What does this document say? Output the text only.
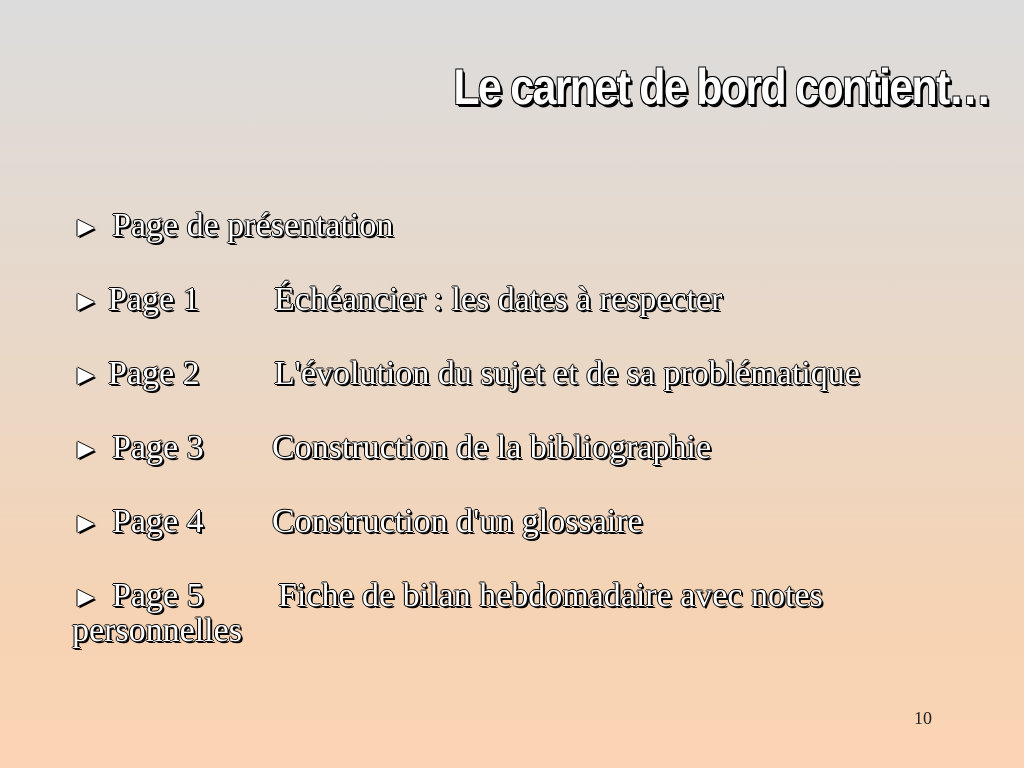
Le carnet de bord contient…
► Page de présentation
► Page 1 Échéancier : les dates à respecter
► Page 2 L'évolution du sujet et de sa problématique
► Page 3 Construction de la bibliographie
► Page 4 Construction d'un glossaire
► Page 5 Fiche de bilan hebdomadaire avec notes
personnelles
10
